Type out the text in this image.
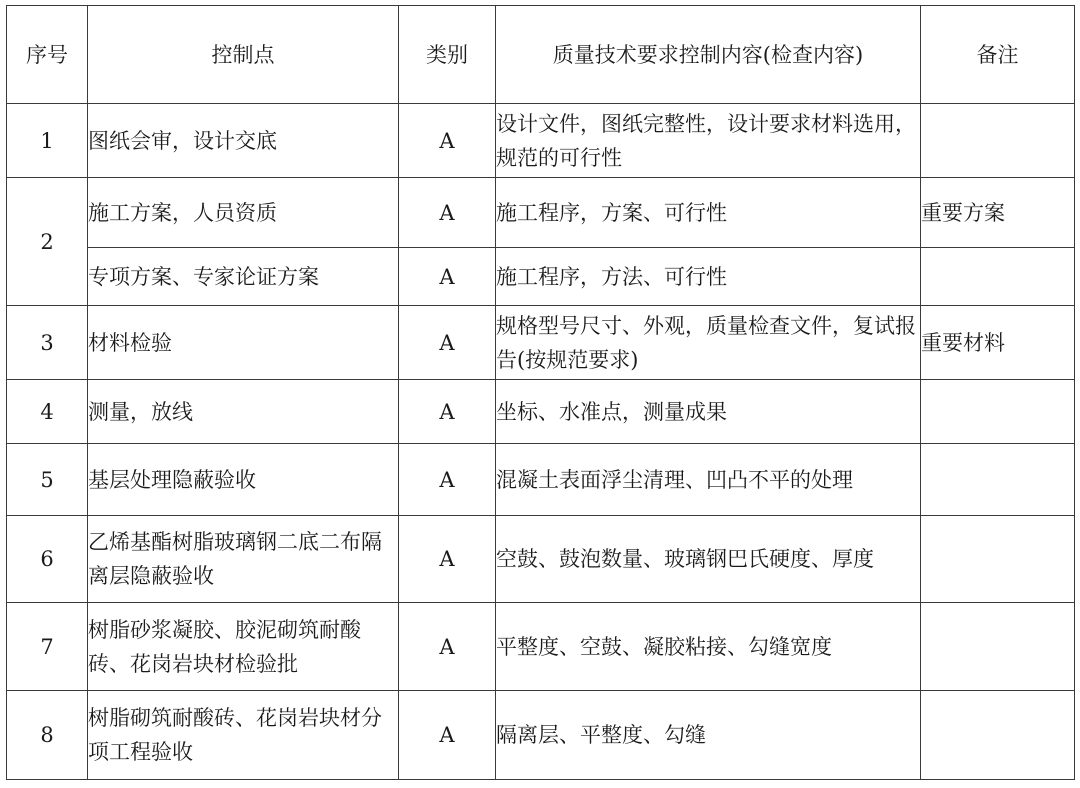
序号	控制点	类别	质量技术要求控制内容(检查内容)	备注
1	图纸会审，设计交底	A	设计文件，图纸完整性，设计要求材料选用，规范的可行性	
2	施工方案，人员资质	A	施工程序，方案、可行性	重要方案
	专项方案、专家论证方案	A	施工程序，方法、可行性	
3	材料检验	A	规格型号尺寸、外观，质量检查文件，复试报告(按规范要求)	重要材料
4	测量，放线	A	坐标、水准点，测量成果	
5	基层处理隐蔽验收	A	混凝土表面浮尘清理、凹凸不平的处理	
6	乙烯基酯树脂玻璃钢二底二布隔离层隐蔽验收	A	空鼓、鼓泡数量、玻璃钢巴氏硬度、厚度	
7	树脂砂浆凝胶、胶泥砌筑耐酸砖、花岗岩块材检验批	A	平整度、空鼓、凝胶粘接、勾缝宽度	
8	树脂砌筑耐酸砖、花岗岩块材分项工程验收	A	隔离层、平整度、勾缝	
